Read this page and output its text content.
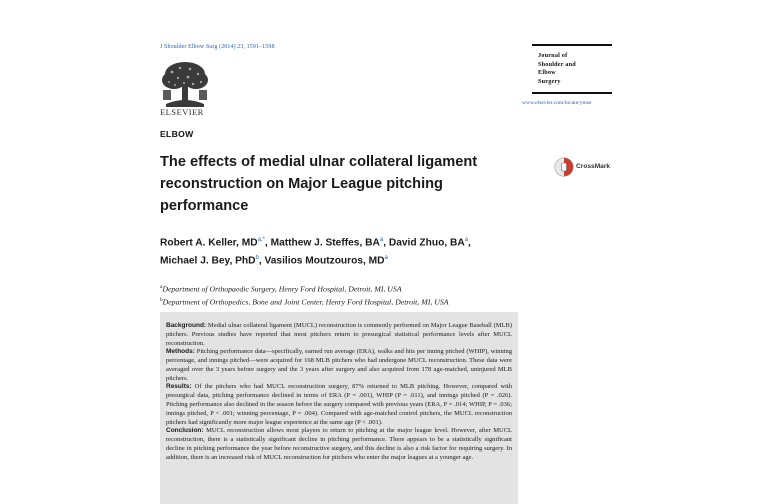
J Shoulder Elbow Surg (2014) 23, 1591–1598
ELSEVIER
Journal of
Shoulder and
Elbow
Surgery
www.elsevier.com/locate/ymse
ELBOW
The effects of medial ulnar collateral ligament
reconstruction on Major League pitching
performance
CrossMark
Robert A. Keller, $MD^{a,*}$, Matthew J. Steffes, $BA^a$, David Zhuo, $BA^a$,
Michael J. Bey, PhD$^b$, Vasilios Moutzouros, $MD^a$
$^a$Department of Orthopaedic Surgery, Henry Ford Hospital, Detroit, MI, USA
$^b$Department of Orthopedics, Bone and Joint Center, Henry Ford Hospital, Detroit, MI, USA

Background: Medial ulnar collateral ligament (MUCL) reconstruction is commonly performed on Major League Baseball (MLB) pitchers. Previous studies have reported that most pitchers return to presurgical statistical performance levels after MUCL reconstruction.

Methods: Pitching performance data—specifically, earned run average (ERA), walks and hits per inning pitched (WHIP), winning percentage, and innings pitched—were acquired for 168 MLB pitchers who had undergone MUCL reconstruction. These data were averaged over the 3 years before surgery and the 3 years after surgery and also acquired from 178 age-matched, uninjured MLB pitchers.

Results: Of the pitchers who had MUCL reconstruction surgery, 87% returned to MLB pitching. However, compared with presurgical data, pitching performance declined in terms of ERA (P = .001), WHIP (P = .011), and innings pitched (P = .026). Pitching performance also declined in the season before the surgery compared with previous years (ERA, P = .014; WHIP, P = .036; innings pitched, P < .001; winning percentage, P = .004). Compared with age-matched control pitchers, the MUCL reconstruction pitchers had significantly more major league experience at the same age (P < .001).

Conclusion: MUCL reconstruction allows most players to return to pitching at the major league level. However, after MUCL reconstruction, there is a statistically significant decline in pitching performance. There appears to be a statistically significant decline in pitching performance the year before reconstructive surgery, and this decline is also a risk factor for requiring surgery. In addition, there is an increased risk of MUCL reconstruction for pitchers who enter the major leagues at a younger age.
